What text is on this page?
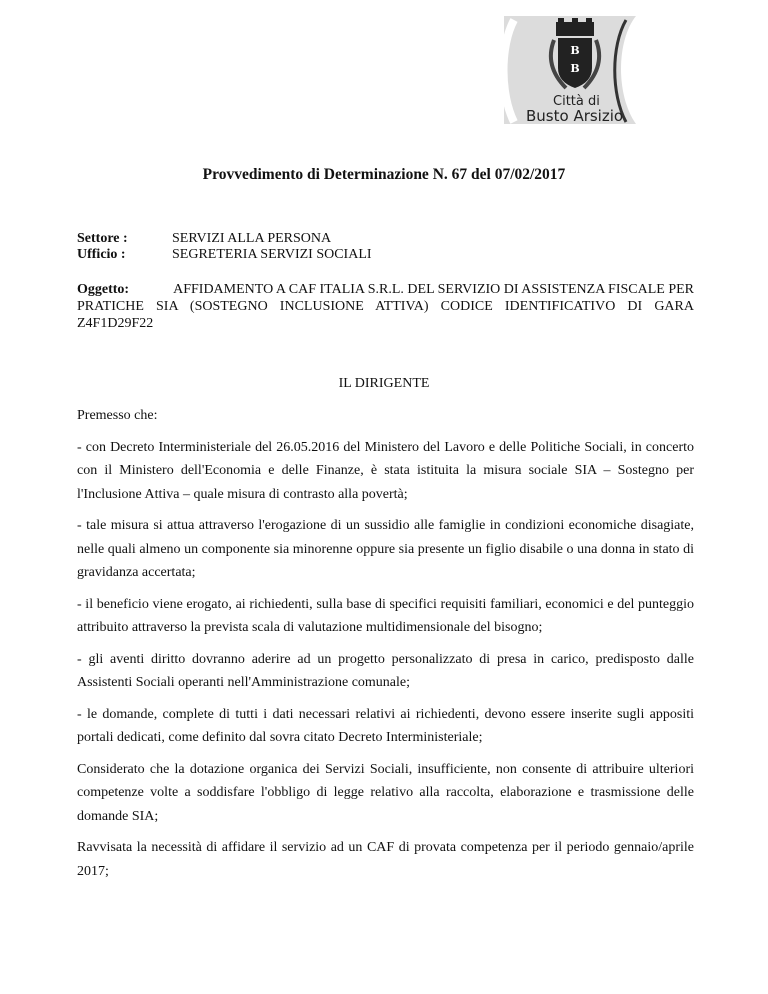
B
B
Città di
Busto Arsizio
Provvedimento di Determinazione N. 67 del 07/02/2017
Settore :	SERVIZI ALLA PERSONA
Ufficio :	SEGRETERIA SERVIZI SOCIALI
Oggetto:	AFFIDAMENTO A CAF ITALIA S.R.L. DEL SERVIZIO DI ASSISTENZA FISCALE PER PRATICHE SIA (SOSTEGNO INCLUSIONE ATTIVA) CODICE IDENTIFICATIVO DI GARA Z4F1D29F22
IL DIRIGENTE

Premesso che:

- con Decreto Interministeriale del 26.05.2016 del Ministero del Lavoro e delle Politiche Sociali, in concerto con il Ministero dell'Economia e delle Finanze, è stata istituita la misura sociale SIA – Sostegno per l'Inclusione Attiva – quale misura di contrasto alla povertà;

- tale misura si attua attraverso l'erogazione di un sussidio alle famiglie in condizioni economiche disagiate, nelle quali almeno un componente sia minorenne oppure sia presente un figlio disabile o una donna in stato di gravidanza accertata;

- il beneficio viene erogato, ai richiedenti, sulla base di specifici requisiti familiari, economici e del punteggio attribuito attraverso la prevista scala di valutazione multidimensionale del bisogno;

- gli aventi diritto dovranno aderire ad un progetto personalizzato di presa in carico, predisposto dalle Assistenti Sociali operanti nell'Amministrazione comunale;

- le domande, complete di tutti i dati necessari relativi ai richiedenti, devono essere inserite sugli appositi portali dedicati, come definito dal sovra citato Decreto Interministeriale;

Considerato che la dotazione organica dei Servizi Sociali, insufficiente, non consente di attribuire ulteriori competenze volte a soddisfare l'obbligo di legge relativo alla raccolta, elaborazione e trasmissione delle domande SIA;

Ravvisata la necessità di affidare il servizio ad un CAF di provata competenza per il periodo gennaio/aprile 2017;
